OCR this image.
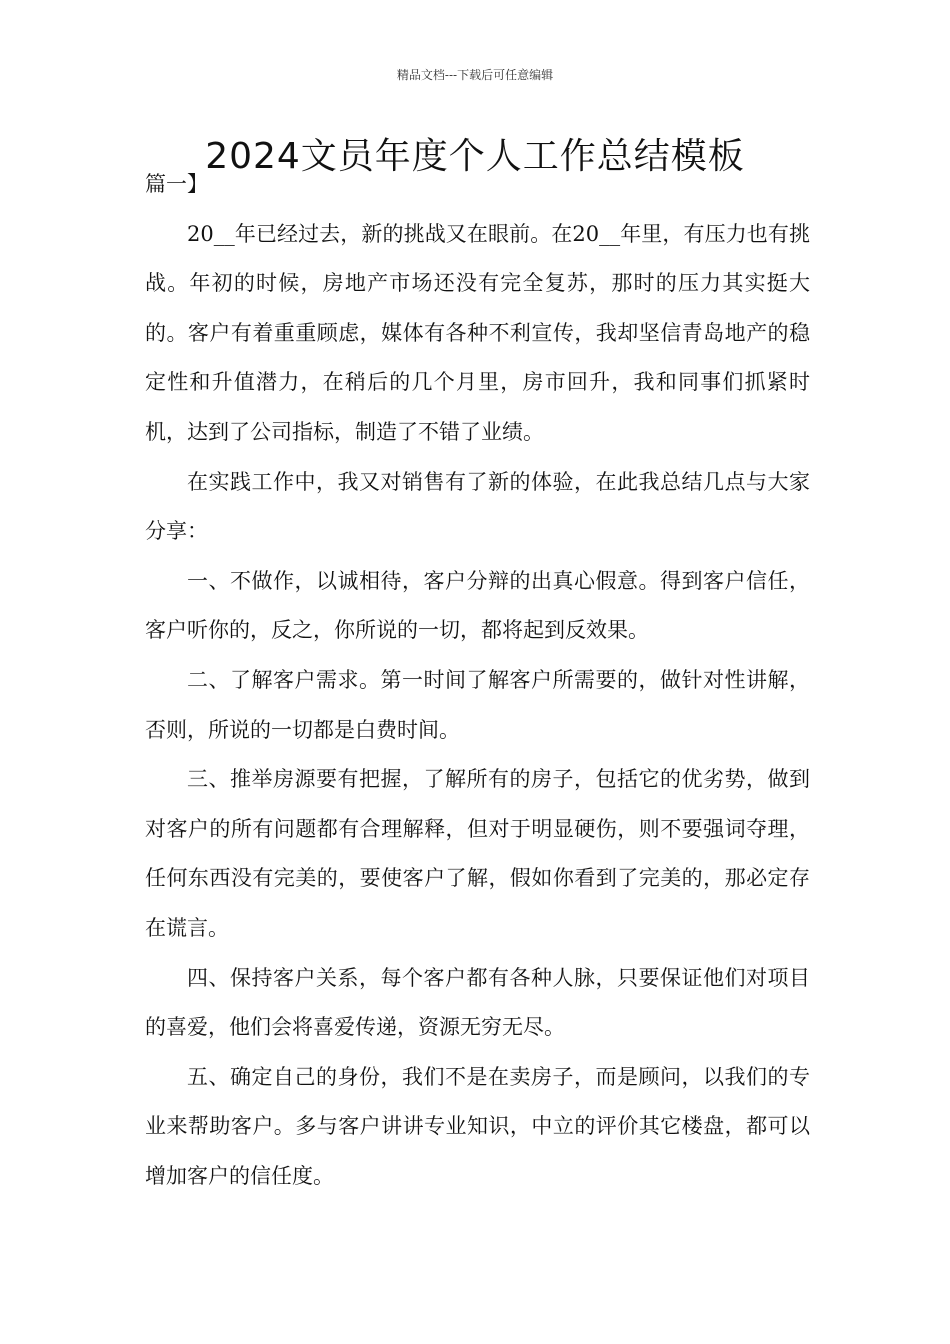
精品文档---下载后可任意编辑
2024文员年度个人工作总结模板

篇一】

20__年已经过去，新的挑战又在眼前。在20__年里，有压力也有挑战。年初的时候，房地产市场还没有完全复苏，那时的压力其实挺大的。客户有着重重顾虑，媒体有各种不利宣传，我却坚信青岛地产的稳定性和升值潜力，在稍后的几个月里，房市回升，我和同事们抓紧时机，达到了公司指标，制造了不错了业绩。

在实践工作中，我又对销售有了新的体验，在此我总结几点与大家分享：

一、不做作，以诚相待，客户分辩的出真心假意。得到客户信任，客户听你的，反之，你所说的一切，都将起到反效果。

二、了解客户需求。第一时间了解客户所需要的，做针对性讲解，否则，所说的一切都是白费时间。

三、推举房源要有把握，了解所有的房子，包括它的优劣势，做到对客户的所有问题都有合理解释，但对于明显硬伤，则不要强词夺理，任何东西没有完美的，要使客户了解，假如你看到了完美的，那必定存在谎言。

四、保持客户关系，每个客户都有各种人脉，只要保证他们对项目的喜爱，他们会将喜爱传递，资源无穷无尽。

五、确定自己的身份，我们不是在卖房子，而是顾问，以我们的专业来帮助客户。多与客户讲讲专业知识，中立的评价其它楼盘，都可以增加客户的信任度。
